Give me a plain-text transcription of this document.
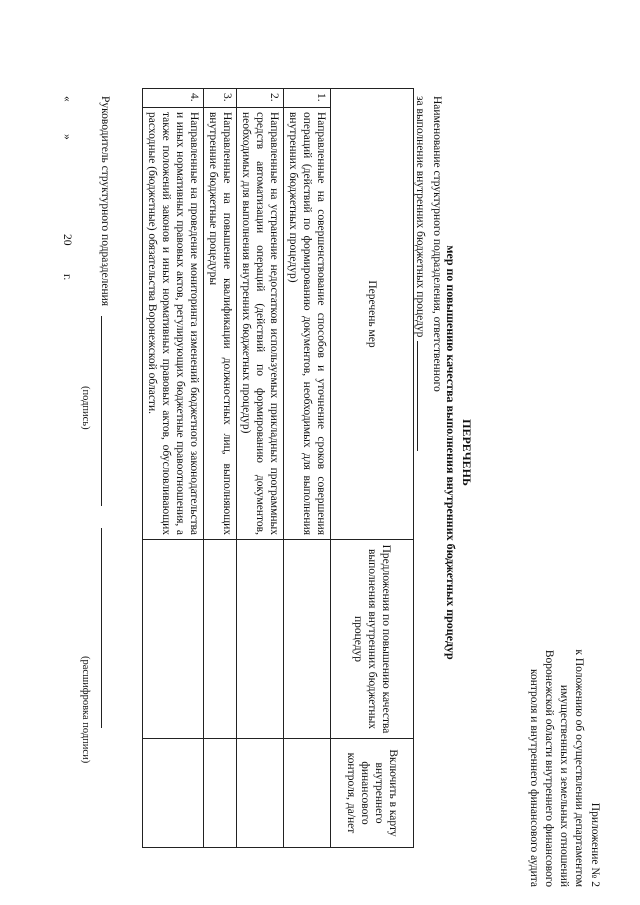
Приложение № 2
к Положению об осуществлении департаментом
имущественных и земельных отношений
Воронежской области внутреннего финансового
контроля и внутреннего финансового аудита
ПЕРЕЧЕНЬ
мер по повышению качества выполнения внутренних бюджетных процедур
Наименование структурного подразделения, ответственного
за выполнение внутренних бюджетных процедур
Перечень мер		Предложения по повышению качества выполнения внутренних бюджетных процедур	Включить в карту внутреннего финансового контроля, да/нет
1.	Направленные на совершенствование способов и уточнение сроков совершения операций (действий по формированию документов, необходимых для выполнения внутренних бюджетных процедур)		
2.	Направленные на устранение недостатков используемых прикладных программных средств автоматизации операций (действий по формированию документов, необходимых для выполнения внутренних бюджетных процедур)		
3.	Направленные на повышение квалификации должностных лиц, выполняющих внутренние бюджетные процедуры		
4.	Направленные на проведение мониторинга изменений бюджетного законодательства и иных нормативных правовых актов, регулирующих бюджетные правоотношения, а также положений законов и иных нормативных правовых актов, обусловливающих расходные (бюджетные) обязательства Воронежской области.		
Руководитель структурного подразделения
(подпись)
(расшифровка подписи)
«
»
20
г.
